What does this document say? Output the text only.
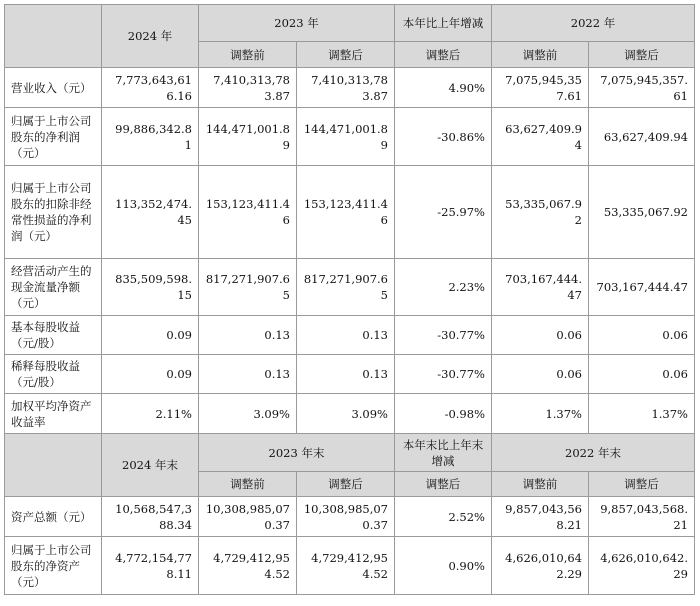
	2024 年	2023 年		本年比上年增减	2022 年	
		调整前	调整后	调整后	调整前	调整后
营业收入（元）	7,773,643,616.16	7,410,313,783.87	7,410,313,783.87	4.90%	7,075,945,357.61	7,075,945,357.61
归属于上市公司股东的净利润（元）	99,886,342.81	144,471,001.89	144,471,001.89	-30.86%	63,627,409.94	63,627,409.94
归属于上市公司股东的扣除非经常性损益的净利润（元）	113,352,474.45	153,123,411.46	153,123,411.46	-25.97%	53,335,067.92	53,335,067.92
经营活动产生的现金流量净额（元）	835,509,598.15	817,271,907.65	817,271,907.65	2.23%	703,167,444.47	703,167,444.47
基本每股收益（元/股）	0.09	0.13	0.13	-30.77%	0.06	0.06
稀释每股收益（元/股）	0.09	0.13	0.13	-30.77%	0.06	0.06
加权平均净资产收益率	2.11%	3.09%	3.09%	-0.98%	1.37%	1.37%
	2024 年末	2023 年末		本年末比上年末增减	2022 年末	
		调整前	调整后	调整后	调整前	调整后
资产总额（元）	10,568,547,388.34	10,308,985,070.37	10,308,985,070.37	2.52%	9,857,043,568.21	9,857,043,568.21
归属于上市公司股东的净资产（元）	4,772,154,778.11	4,729,412,954.52	4,729,412,954.52	0.90%	4,626,010,642.29	4,626,010,642.29
